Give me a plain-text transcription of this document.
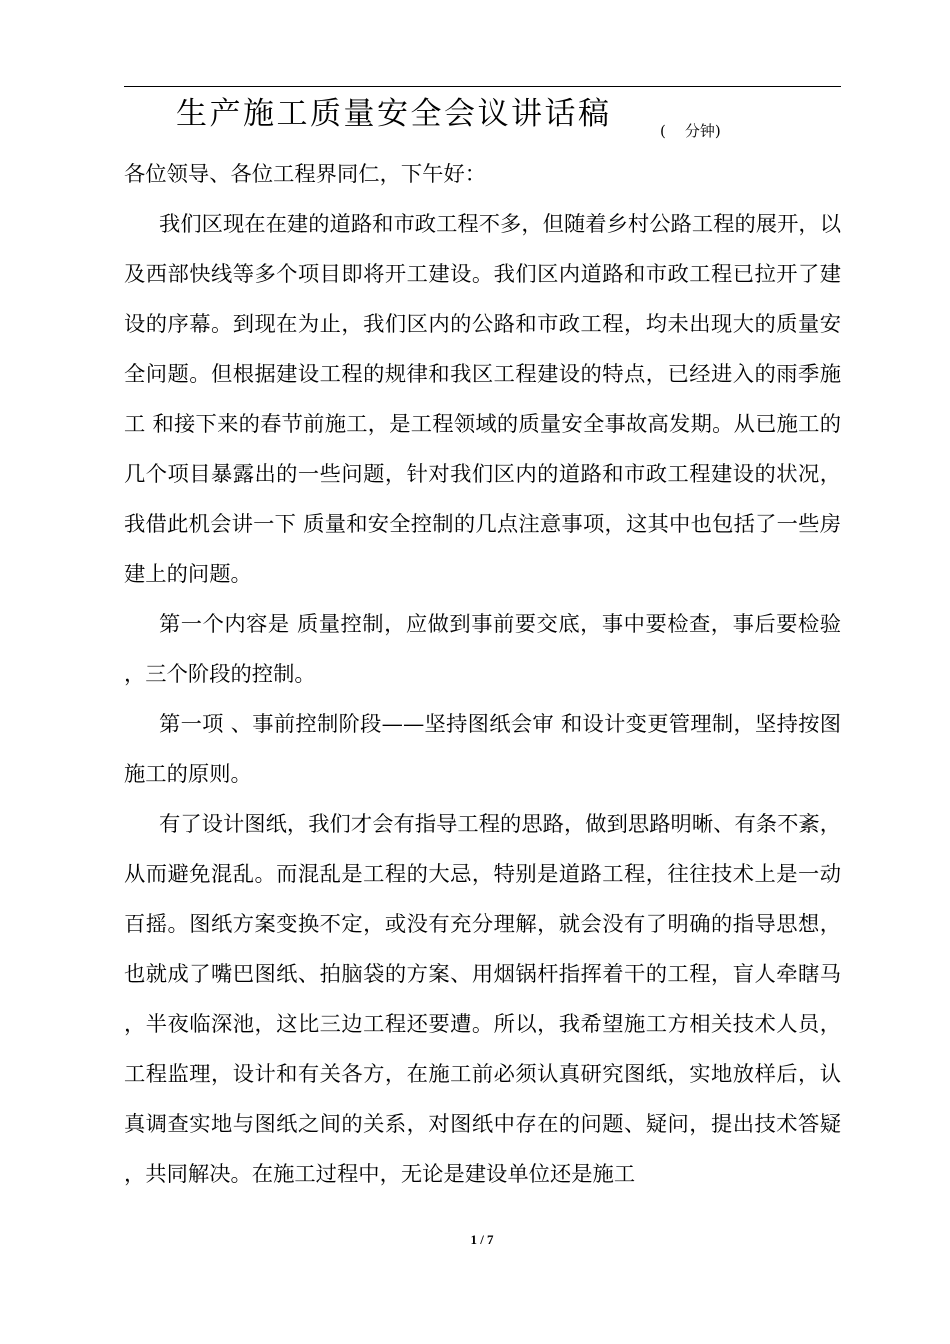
生产施工质量安全会议讲话稿	(    分钟)

各位领导、各位工程界同仁，下午好：

我们区现在在建的道路和市政工程不多，但随着乡村公路工程的展开，以及西部快线等多个项目即将开工建设。我们区内道路和市政工程已拉开了建设的序幕。到现在为止，我们区内的公路和市政工程，均未出现大的质量安全问题。但根据建设工程的规律和我区工程建设的特点，已经进入的雨季施工 和接下来的春节前施工，是工程领域的质量安全事故高发期。从已施工的几个项目暴露出的一些问题，针对我们区内的道路和市政工程建设的状况，我借此机会讲一下 质量和安全控制的几点注意事项，这其中也包括了一些房建上的问题。

第一个内容是 质量控制，应做到事前要交底，事中要检查，事后要检验，三个阶段的控制。

第一项 、事前控制阶段——坚持图纸会审 和设计变更管理制，坚持按图施工的原则。

有了设计图纸，我们才会有指导工程的思路，做到思路明晰、有条不紊，从而避免混乱。而混乱是工程的大忌，特别是道路工程，往往技术上是一动百摇。图纸方案变换不定，或没有充分理解，就会没有了明确的指导思想，也就成了嘴巴图纸、拍脑袋的方案、用烟锅杆指挥着干的工程，盲人牵瞎马，半夜临深池，这比三边工程还要遭。所以，我希望施工方相关技术人员，工程监理，设计和有关各方，在施工前必须认真研究图纸，实地放样后，认真调查实地与图纸之间的关系，对图纸中存在的问题、疑问，提出技术答疑，共同解决。在施工过程中，无论是建设单位还是施工

1 / 7
